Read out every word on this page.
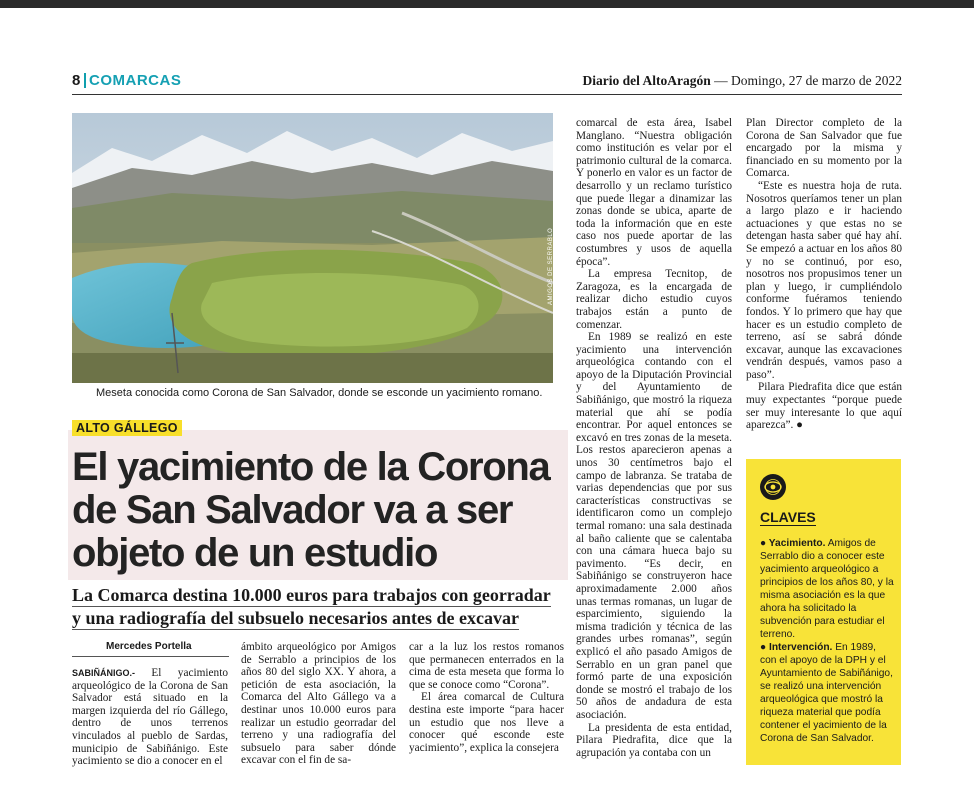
8 COMARCAS	Diario del AltoAragón — Domingo, 27 de marzo de 2022
AMIGOS DE SERRABLO
Meseta conocida como Corona de San Salvador, donde se esconde un yacimiento romano.
ALTO GÁLLEGO
El yacimiento de la Corona
de San Salvador va a ser
objeto de un estudio
La Comarca destina 10.000 euros para trabajos con georradar
y una radiografía del subsuelo necesarios antes de excavar
Mercedes Portella

SABIÑÁNIGO.- El yacimiento arqueológico de la Corona de San Salvador está situado en la margen izquierda del río Gállego, dentro de unos terrenos vinculados al pueblo de Sardas, municipio de Sabiñánigo. Este yacimiento se dio a conocer en el

ámbito arqueológico por Amigos de Serrablo a principios de los años 80 del siglo XX. Y ahora, a petición de esta asociación, la Comarca del Alto Gállego va a destinar unos 10.000 euros para realizar un estudio georradar del terreno y una radiografía del subsuelo para saber dónde excavar con el fin de sa-

car a la luz los restos romanos que permanecen enterrados en la cima de esta meseta que forma lo que se conoce como “Corona”.

El área comarcal de Cultura destina este importe “para hacer un estudio que nos lleve a conocer qué esconde este yacimiento”, explica la consejera

comarcal de esta área, Isabel Manglano. “Nuestra obligación como institución es velar por el patrimonio cultural de la comarca. Y ponerlo en valor es un factor de desarrollo y un reclamo turístico que puede llegar a dinamizar las zonas donde se ubica, aparte de toda la información que en este caso nos puede aportar de las costumbres y usos de aquella época”.

La empresa Tecnitop, de Zaragoza, es la encargada de realizar dicho estudio cuyos trabajos están a punto de comenzar.

En 1989 se realizó en este yacimiento una intervención arqueológica contando con el apoyo de la Diputación Provincial y del Ayuntamiento de Sabiñánigo, que mostró la riqueza material que ahí se podía encontrar. Por aquel entonces se excavó en tres zonas de la meseta. Los restos aparecieron apenas a unos 30 centímetros bajo el campo de labranza. Se trataba de varias dependencias que por sus características constructivas se identificaron como un complejo termal romano: una sala destinada al baño caliente que se calentaba con una cámara hueca bajo su pavimento. “Es decir, en Sabiñánigo se construyeron hace aproximadamente 2.000 años unas termas romanas, un lugar de esparcimiento, siguiendo la misma tradición y técnica de las grandes urbes romanas”, según explicó el año pasado Amigos de Serrablo en un gran panel que formó parte de una exposición donde se mostró el trabajo de los 50 años de andadura de esta asociación.

La presidenta de esta entidad, Pilara Piedrafita, dice que la agrupación ya contaba con un

Plan Director completo de la Corona de San Salvador que fue encargado por la misma y financiado en su momento por la Comarca.

“Este es nuestra hoja de ruta. Nosotros queríamos tener un plan a largo plazo e ir haciendo actuaciones y que estas no se detengan hasta saber qué hay ahí. Se empezó a actuar en los años 80 y no se continuó, por eso, nosotros nos propusimos tener un plan y luego, ir cumpliéndolo conforme fuéramos teniendo fondos. Y lo primero que hay que hacer es un estudio completo de terreno, así se sabrá dónde excavar, aunque las excavaciones vendrán después, vamos paso a paso”.

Pilara Piedrafita dice que están muy expectantes “porque puede ser muy interesante lo que aquí aparezca”. ●

CLAVES

● Yacimiento. Amigos de Serrablo dio a conocer este yacimiento arqueológico a principios de los años 80, y la misma asociación es la que ahora ha solicitado la subvención para estudiar el terreno.

● Intervención. En 1989, con el apoyo de la DPH y el Ayuntamiento de Sabiñánigo, se realizó una intervención arqueológica que mostró la riqueza material que podía contener el yacimiento de la Corona de San Salvador.
